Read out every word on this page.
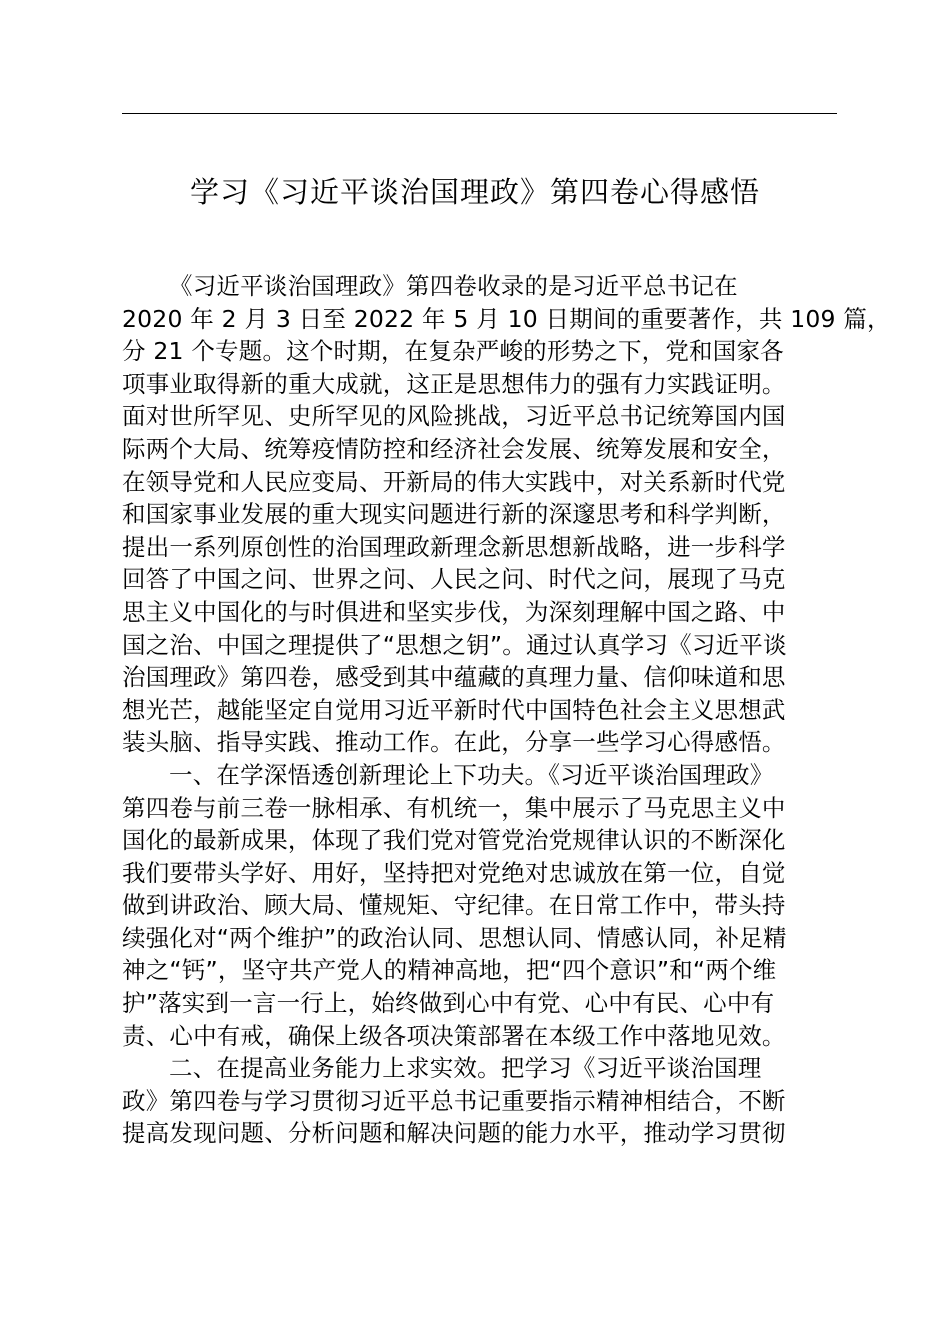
学习《习近平谈治国理政》第四卷心得感悟
《习近平谈治国理政》第四卷收录的是习近平总书记在
2020 年 2 月 3 日至 2022 年 5 月 10 日期间的重要著作，共 109 篇，
分 21 个专题。这个时期，在复杂严峻的形势之下，党和国家各
项事业取得新的重大成就，这正是思想伟力的强有力实践证明。
面对世所罕见、史所罕见的风险挑战，习近平总书记统筹国内国
际两个大局、统筹疫情防控和经济社会发展、统筹发展和安全，
在领导党和人民应变局、开新局的伟大实践中，对关系新时代党
和国家事业发展的重大现实问题进行新的深邃思考和科学判断，
提出一系列原创性的治国理政新理念新思想新战略，进一步科学
回答了中国之问、世界之问、人民之问、时代之问，展现了马克
思主义中国化的与时俱进和坚实步伐，为深刻理解中国之路、中
国之治、中国之理提供了“思想之钥”。通过认真学习《习近平谈
治国理政》第四卷，感受到其中蕴藏的真理力量、信仰味道和思
想光芒，越能坚定自觉用习近平新时代中国特色社会主义思想武
装头脑、指导实践、推动工作。在此，分享一些学习心得感悟。
一、在学深悟透创新理论上下功夫。《习近平谈治国理政》
第四卷与前三卷一脉相承、有机统一，集中展示了马克思主义中
国化的最新成果，体现了我们党对管党治党规律认识的不断深化
我们要带头学好、用好，坚持把对党绝对忠诚放在第一位，自觉
做到讲政治、顾大局、懂规矩、守纪律。在日常工作中，带头持
续强化对“两个维护”的政治认同、思想认同、情感认同，补足精
神之“钙”，坚守共产党人的精神高地，把“四个意识”和“两个维
护”落实到一言一行上，始终做到心中有党、心中有民、心中有
责、心中有戒，确保上级各项决策部署在本级工作中落地见效。
二、在提高业务能力上求实效。把学习《习近平谈治国理
政》第四卷与学习贯彻习近平总书记重要指示精神相结合，不断
提高发现问题、分析问题和解决问题的能力水平，推动学习贯彻
